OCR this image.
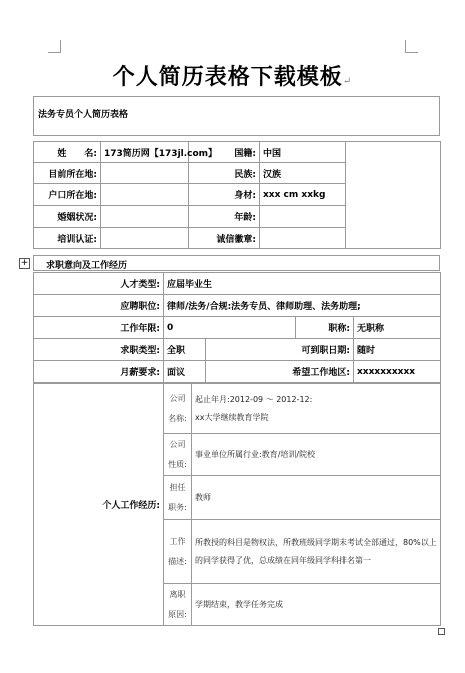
个人简历表格下载模板↵
法务专员个人简历表格
姓　　名:	173简历网【173jl.com】	国籍:	中国	
目前所在地:		民族:	汉族	
户口所在地:		身材:	xxx cm xxkg	
婚姻状况:		年龄:		
培训认证:		诚信徽章:		
+ 求职意向及工作经历
人才类型:	应届毕业生			
应聘职位:	律师/法务/合规:法务专员、律师助理、法务助理;			
工作年限:	0		职称:	无职称
求职类型:	全职	可到职日期:		随时
月薪要求:	面议	希望工作地区:		xxxxxxxxxx
个人工作经历:	公司名称:	起止年月:2012-09 ～ 2012-12:
xx大学继续教育学院

	公司性质:	事业单位所属行业:教育/培训/院校
	担任职务:	教师
	工作描述:	所教授的科目是物权法，所教班级同学期末考试全部通过，80%以上的同学获得了优，总成绩在同年级同学科排名第一
	离职原因:	学期结束，教学任务完成
